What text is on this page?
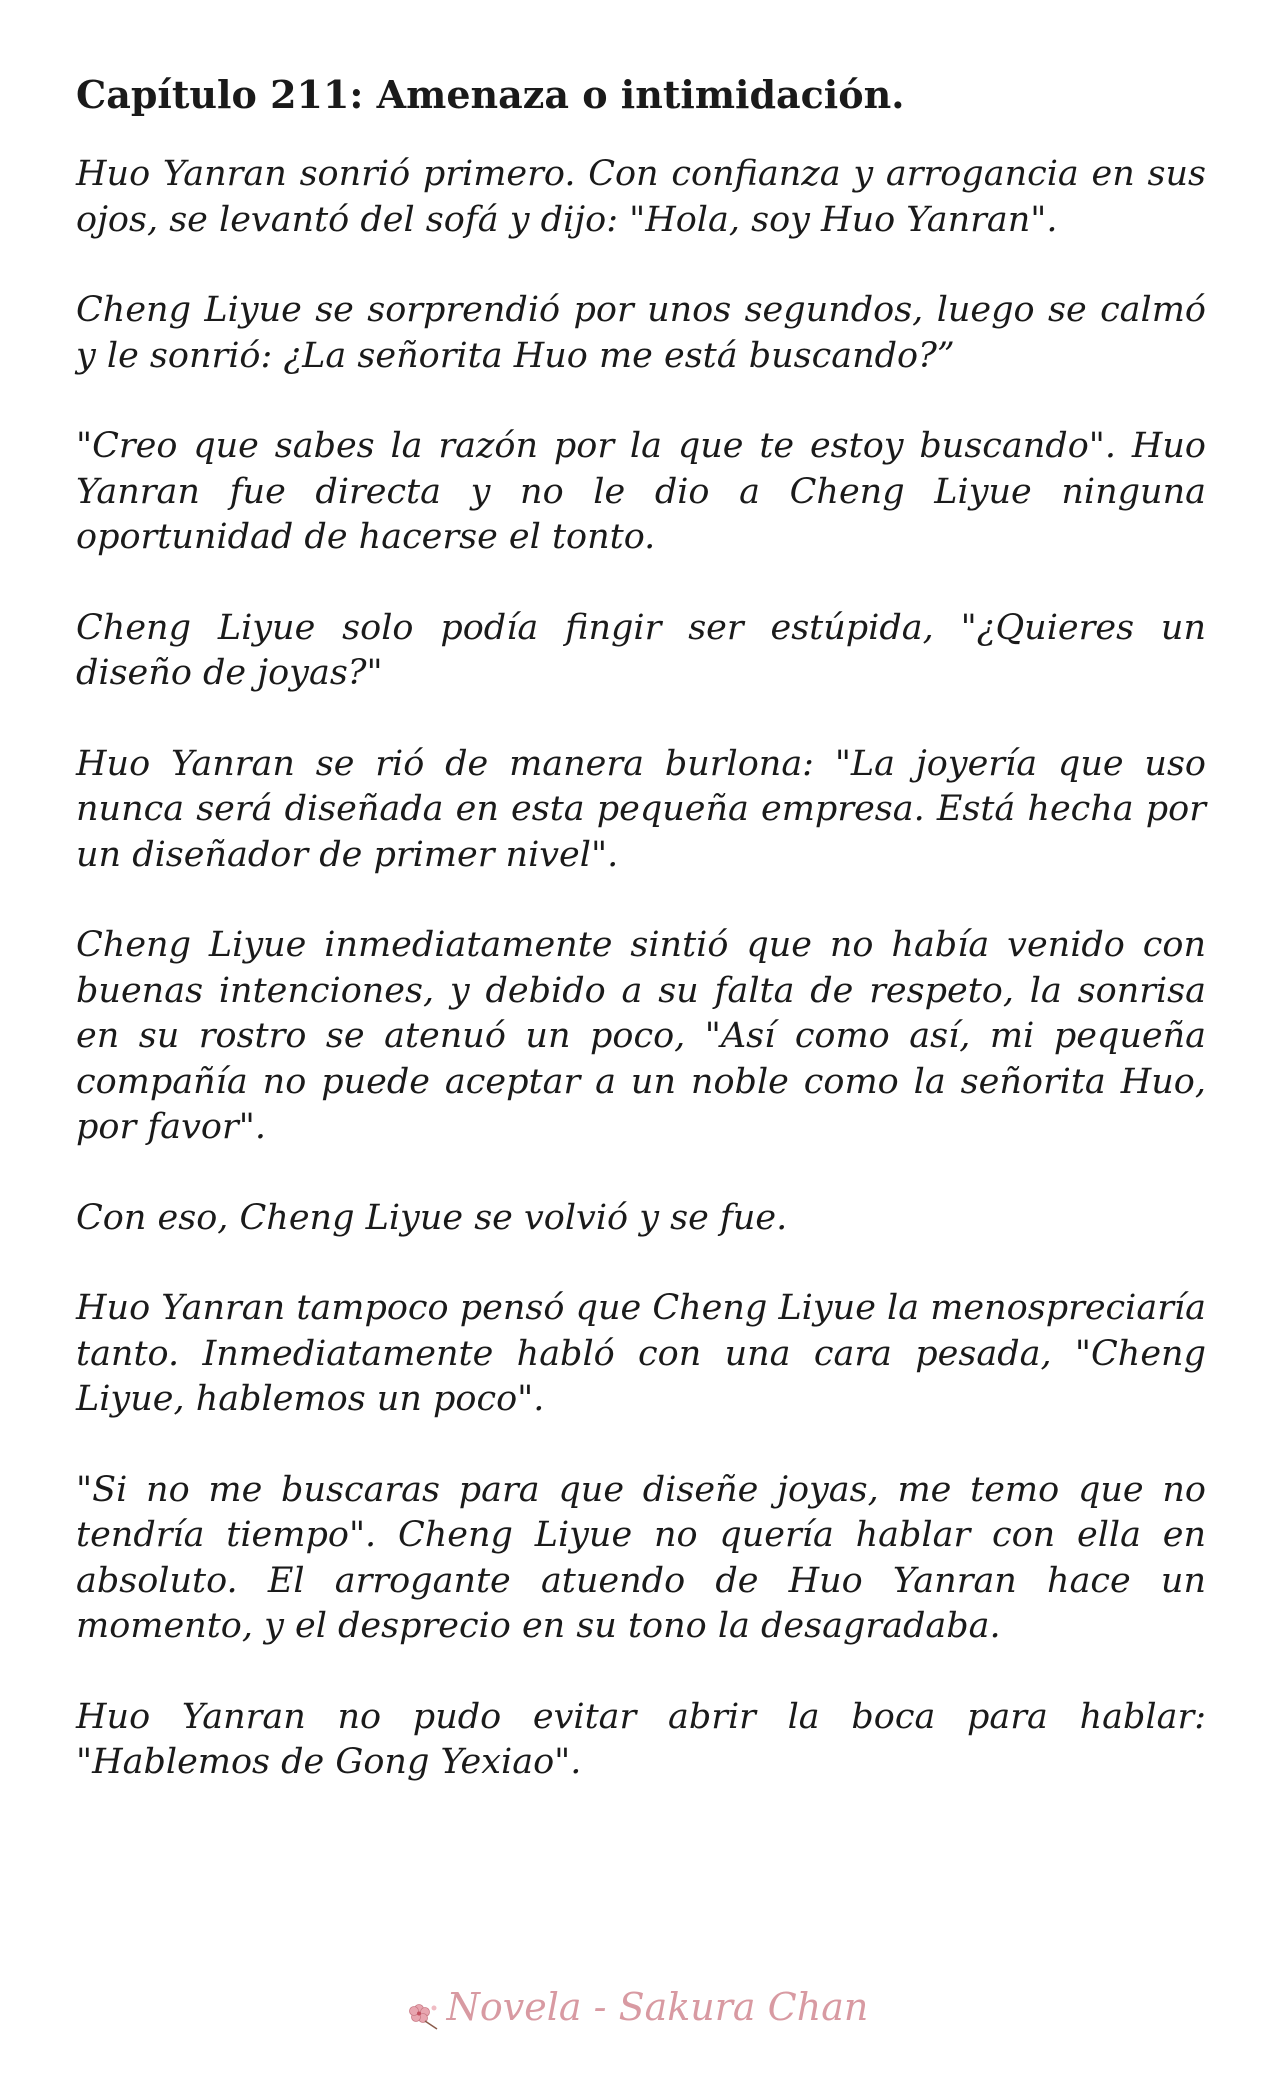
Capítulo 211: Amenaza o intimidación.

Huo Yanran sonrió primero. Con confianza y arrogancia en sus ojos, se levantó del sofá y dijo: "Hola, soy Huo Yanran".

Cheng Liyue se sorprendió por unos segundos, luego se calmó y le sonrió: ¿La señorita Huo me está buscando?”

"Creo que sabes la razón por la que te estoy buscando". Huo Yanran fue directa y no le dio a Cheng Liyue ninguna oportunidad de hacerse el tonto.

Cheng Liyue solo podía fingir ser estúpida, "¿Quieres un diseño de joyas?"

Huo Yanran se rió de manera burlona: "La joyería que uso nunca será diseñada en esta pequeña empresa. Está hecha por un diseñador de primer nivel".

Cheng Liyue inmediatamente sintió que no había venido con buenas intenciones, y debido a su falta de respeto, la sonrisa en su rostro se atenuó un poco, "Así como así, mi pequeña compañía no puede aceptar a un noble como la señorita Huo, por favor".

Con eso, Cheng Liyue se volvió y se fue.

Huo Yanran tampoco pensó que Cheng Liyue la menospreciaría tanto. Inmediatamente habló con una cara pesada, "Cheng Liyue, hablemos un poco".

"Si no me buscaras para que diseñe joyas, me temo que no tendría tiempo". Cheng Liyue no quería hablar con ella en absoluto. El arrogante atuendo de Huo Yanran hace un momento, y el desprecio en su tono la desagradaba.

Huo Yanran no pudo evitar abrir la boca para hablar: "Hablemos de Gong Yexiao".

Novela - Sakura Chan
